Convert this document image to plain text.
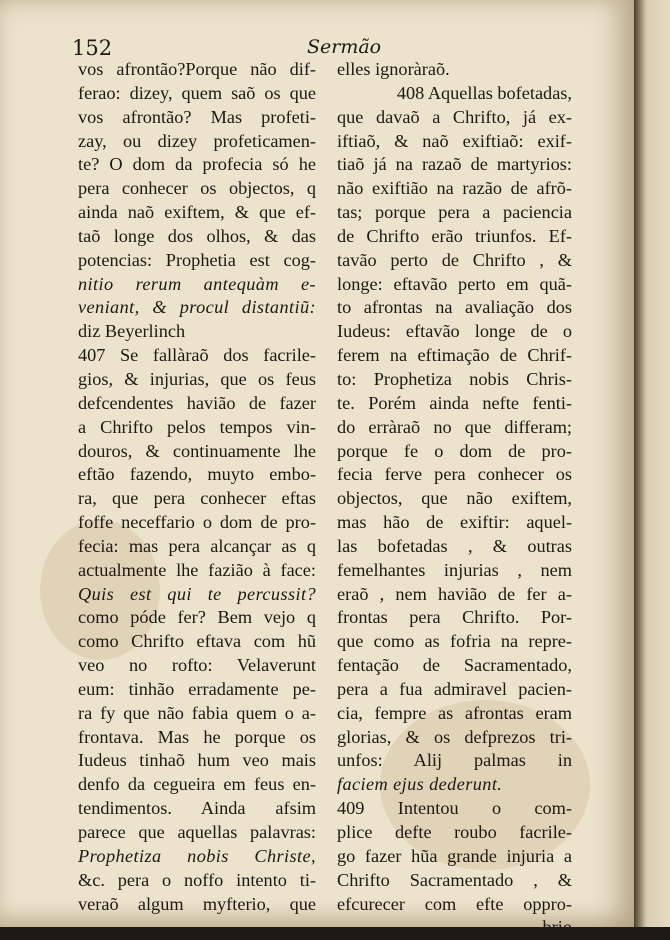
152	Sermão
vos afrontão?Porque não dif-
ferao: dizey, quem saõ os que
vos afrontão? Mas profeti-
zay, ou dizey profeticamen-
te? O dom da profecia só he
pera conhecer os objectos, q
ainda naõ exiftem, & que ef-
taõ longe dos olhos, & das
potencias: Prophetia est cog-
nitio rerum antequàm e-
veniant, & procul distantiũ:
diz Beyerlinch
407 Se fallàraõ dos facrile-
gios, & injurias, que os feus
defcendentes havião de fazer
a Chrifto pelos tempos vin-
douros, & continuamente lhe
eftão fazendo, muyto embo-
ra, que pera conhecer eftas
foffe neceffario o dom de pro-
fecia: mas pera alcançar as q
actualmente lhe fazião à face:
Quis est qui te percussit?
como póde fer? Bem vejo q
como Chrifto eftava com hũ
veo no rofto: Velaverunt
eum: tinhão erradamente pe-
ra fy que não fabia quem o a-
frontava. Mas he porque os
Iudeus tinhaõ hum veo mais
denfo da ceguеira em feus en-
tendimentos. Ainda afsim
parece que aquellas palavras:
Prophetiza nobis Christe,
&c. pera o noffo intento ti-
veraõ algum myfterio, que
elles ignoràraõ.
408 Aquellas bofetadas,
que davaõ a Chrifto, já ex-
iftiaõ, & naõ exiftiaõ: exif-
tiaõ já na razaõ de martyrios:
não exiftião na razão de afrõ-
tas; porque pera a paciencia
de Chrifto erão triunfos. Ef-
tavão perto de Chrifto , &
longe: eftavão perto em quã-
to afrontas na avaliação dos
Iudeus: eftavão longe de o
ferem na eftimação de Chrif-
to: Prophetiza nobis Chris-
te. Porém ainda nefte fenti-
do erràraõ no que differam;
porque fe o dom de pro-
fecia ferve pera conhecer os
objectos, que não exiftem,
mas hão de exiftir: aquel-
las bofetadas , & outras
femelhantes injurias , nem
eraõ , nem havião de fer a-
frontas pera Chrifto. Por-
que como as fofria na repre-
fentação de Sacramentado,
pera a fua admiravel pacien-
cia, fempre as afrontas eram
glorias, & os defprezos tri-
unfos: Alij palmas in
faciem ejus dederunt.
409 Intentou o com-
plice defte roubo facrile-
go fazer hũa grande injuria a
Chrifto Sacramentado , &
efcurecer com efte oppro-
brio
